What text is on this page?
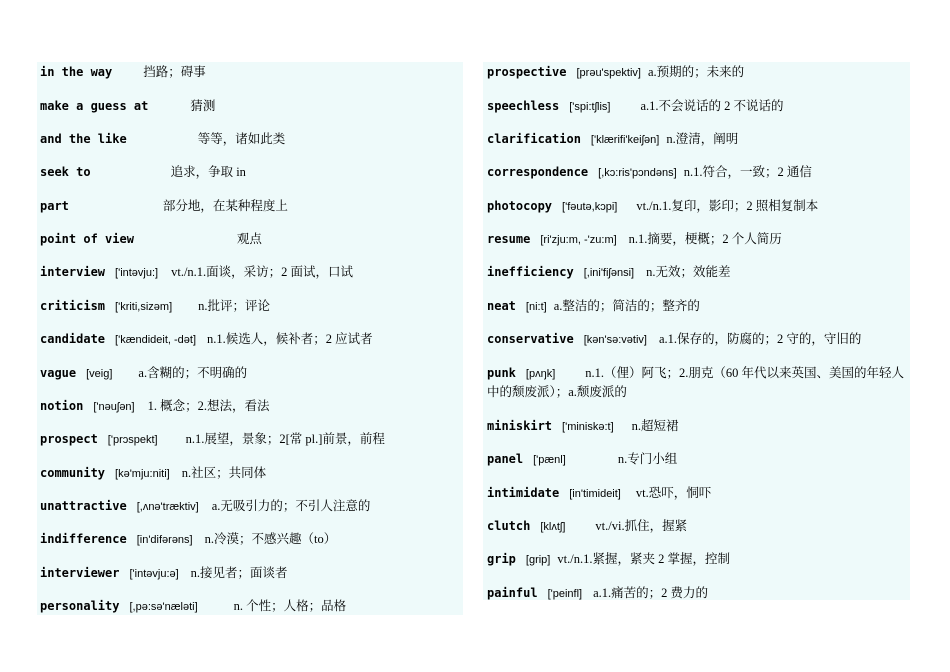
in the way 挡路；碍事
make a guess at	猜测
and the like	等等，诸如此类
seek to	追求，争取 in
part	部分地，在某种程度上
point of view	观点
interview ['intəvju:] vt./n.1.面谈，采访；2 面试，口试
criticism ['kriti,sizəm] n.批评；评论
candidate ['kændideit, -dət] n.1.候选人，候补者；2 应试者
vague [veig] a.含糊的；不明确的
notion ['nəuʃən] 1. 概念；2.想法，看法
prospect ['prɔspekt] n.1.展望，景象；2[常 pl.]前景，前程
community [kə'mju:niti] n.社区；共同体
unattractive [,ʌnə'træktiv] a.无吸引力的；不引人注意的
indifference [in'difərəns] n.冷漠；不感兴趣（to）
interviewer ['intəvju:ə] n.接见者；面谈者
personality [,pə:sə'næləti]	n. 个性；人格；品格
prospective [prəu'spektiv] a.预期的；未来的
speechless ['spi:tʃlis] a.1.不会说话的 2 不说话的
clarification ['klærifi'keiʃən] n.澄清，阐明
correspondence [,kɔ:ris'pɔndəns] n.1.符合，一致；2 通信
photocopy ['fəutə,kɔpi] vt./n.1.复印，影印；2 照相复制本
resume [ri'zju:m, -'zu:m] n.1.摘要，梗概；2 个人简历
inefficiency [,ini'fiʃənsi] n.无效；效能差
neat [ni:t] a.整洁的；简洁的；整齐的
conservative [kən'sə:vətiv] a.1.保存的，防腐的；2 守的，守旧的
punk [pʌŋk] n.1.（俚）阿飞；2.朋克（60 年代以来英国、美国的年轻人中的颓废派）；a.颓废派的
miniskirt ['miniskə:t] n.超短裙
panel ['pænl]	n.专门小组
intimidate [in'timideit] vt.恐吓，恫吓
clutch [klʌtʃ] vt./vi.抓住，握紧
grip [grip] vt./n.1.紧握，紧夹 2 掌握，控制
painful ['peinfl] a.1.痛苦的；2 费力的
